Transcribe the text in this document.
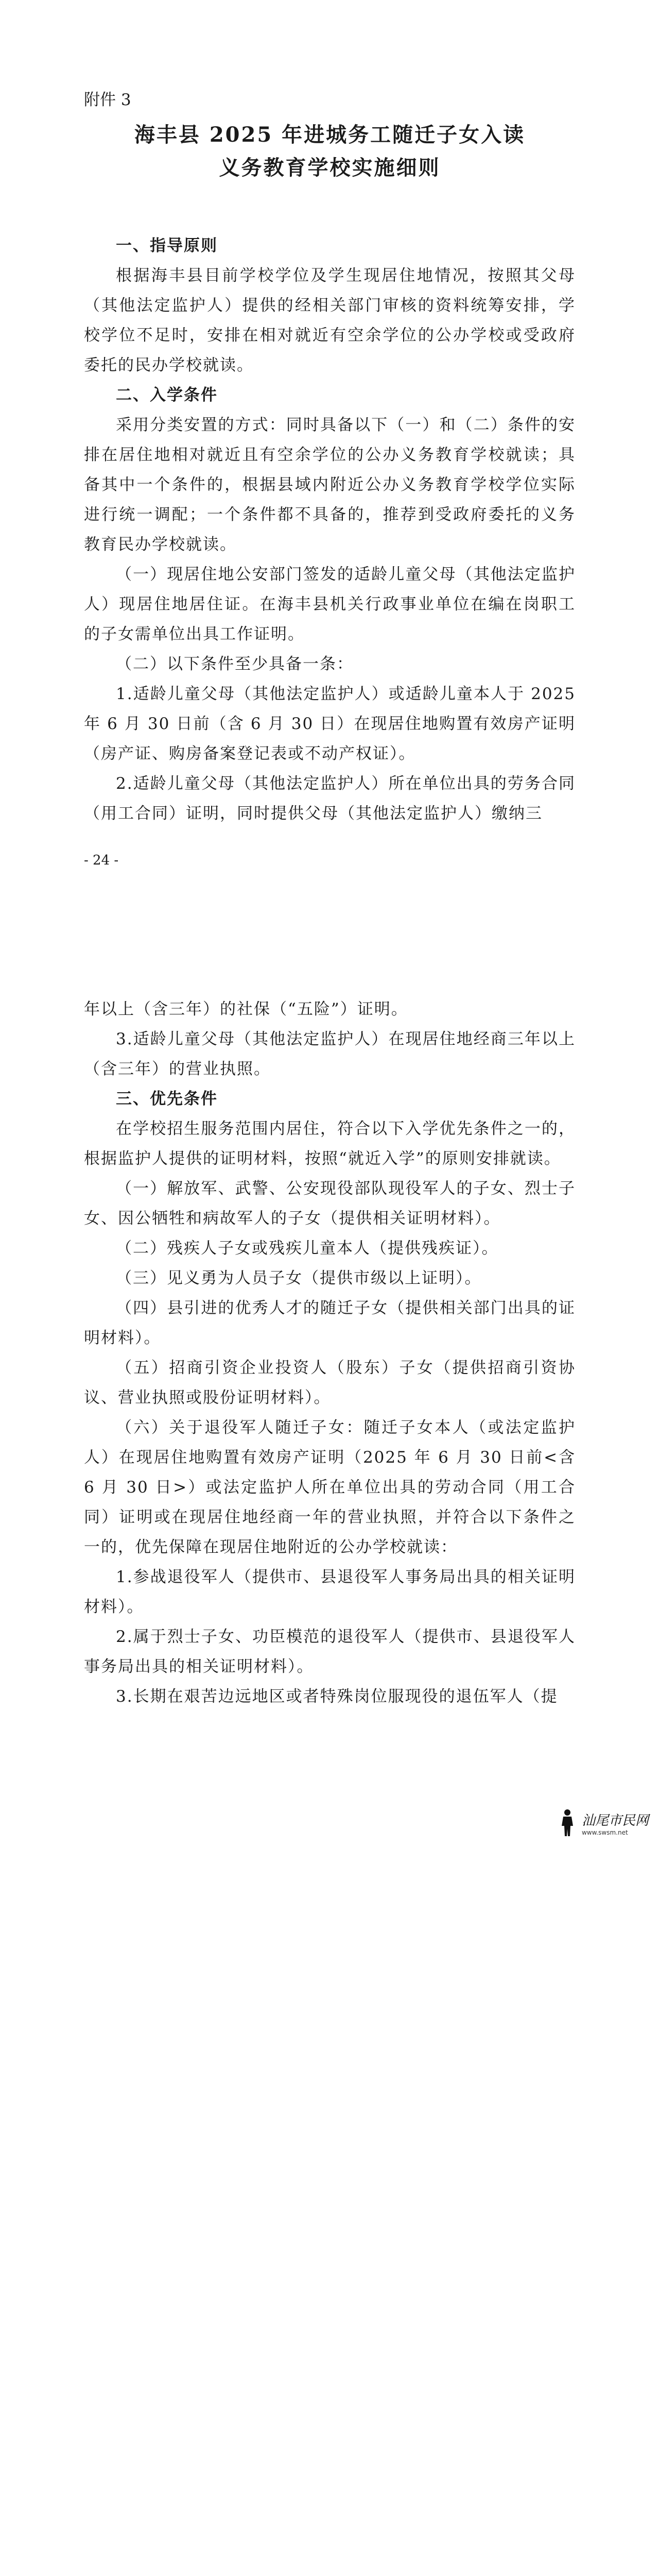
附件 3
海丰县 2025 年进城务工随迁子女入读
义务教育学校实施细则
一、指导原则

根据海丰县目前学校学位及学生现居住地情况，按照其父母（其他法定监护人）提供的经相关部门审核的资料统筹安排，学校学位不足时，安排在相对就近有空余学位的公办学校或受政府委托的民办学校就读。

二、入学条件

采用分类安置的方式：同时具备以下（一）和（二）条件的安排在居住地相对就近且有空余学位的公办义务教育学校就读；具备其中一个条件的，根据县域内附近公办义务教育学校学位实际进行统一调配；一个条件都不具备的，推荐到受政府委托的义务教育民办学校就读。

（一）现居住地公安部门签发的适龄儿童父母（其他法定监护人）现居住地居住证。在海丰县机关行政事业单位在编在岗职工的子女需单位出具工作证明。

（二）以下条件至少具备一条：

1.适龄儿童父母（其他法定监护人）或适龄儿童本人于 2025 年 6 月 30 日前（含 6 月 30 日）在现居住地购置有效房产证明（房产证、购房备案登记表或不动产权证）。

2.适龄儿童父母（其他法定监护人）所在单位出具的劳务合同（用工合同）证明，同时提供父母（其他法定监护人）缴纳三

- 24 -

年以上（含三年）的社保（“五险”）证明。

3.适龄儿童父母（其他法定监护人）在现居住地经商三年以上（含三年）的营业执照。

三、优先条件

在学校招生服务范围内居住，符合以下入学优先条件之一的，根据监护人提供的证明材料，按照“就近入学”的原则安排就读。

（一）解放军、武警、公安现役部队现役军人的子女、烈士子女、因公牺牲和病故军人的子女（提供相关证明材料）。

（二）残疾人子女或残疾儿童本人（提供残疾证）。

（三）见义勇为人员子女（提供市级以上证明）。

（四）县引进的优秀人才的随迁子女（提供相关部门出具的证明材料）。

（五）招商引资企业投资人（股东）子女（提供招商引资协议、营业执照或股份证明材料）。

（六）关于退役军人随迁子女：随迁子女本人（或法定监护人）在现居住地购置有效房产证明（2025 年 6 月 30 日前<含 6 月 30 日>）或法定监护人所在单位出具的劳动合同（用工合同）证明或在现居住地经商一年的营业执照，并符合以下条件之一的，优先保障在现居住地附近的公办学校就读：

1.参战退役军人（提供市、县退役军人事务局出具的相关证明材料）。

2.属于烈士子女、功臣模范的退役军人（提供市、县退役军人事务局出具的相关证明材料）。

3.长期在艰苦边远地区或者特殊岗位服现役的退伍军人（提

汕尾市民网
www.swsm.net
